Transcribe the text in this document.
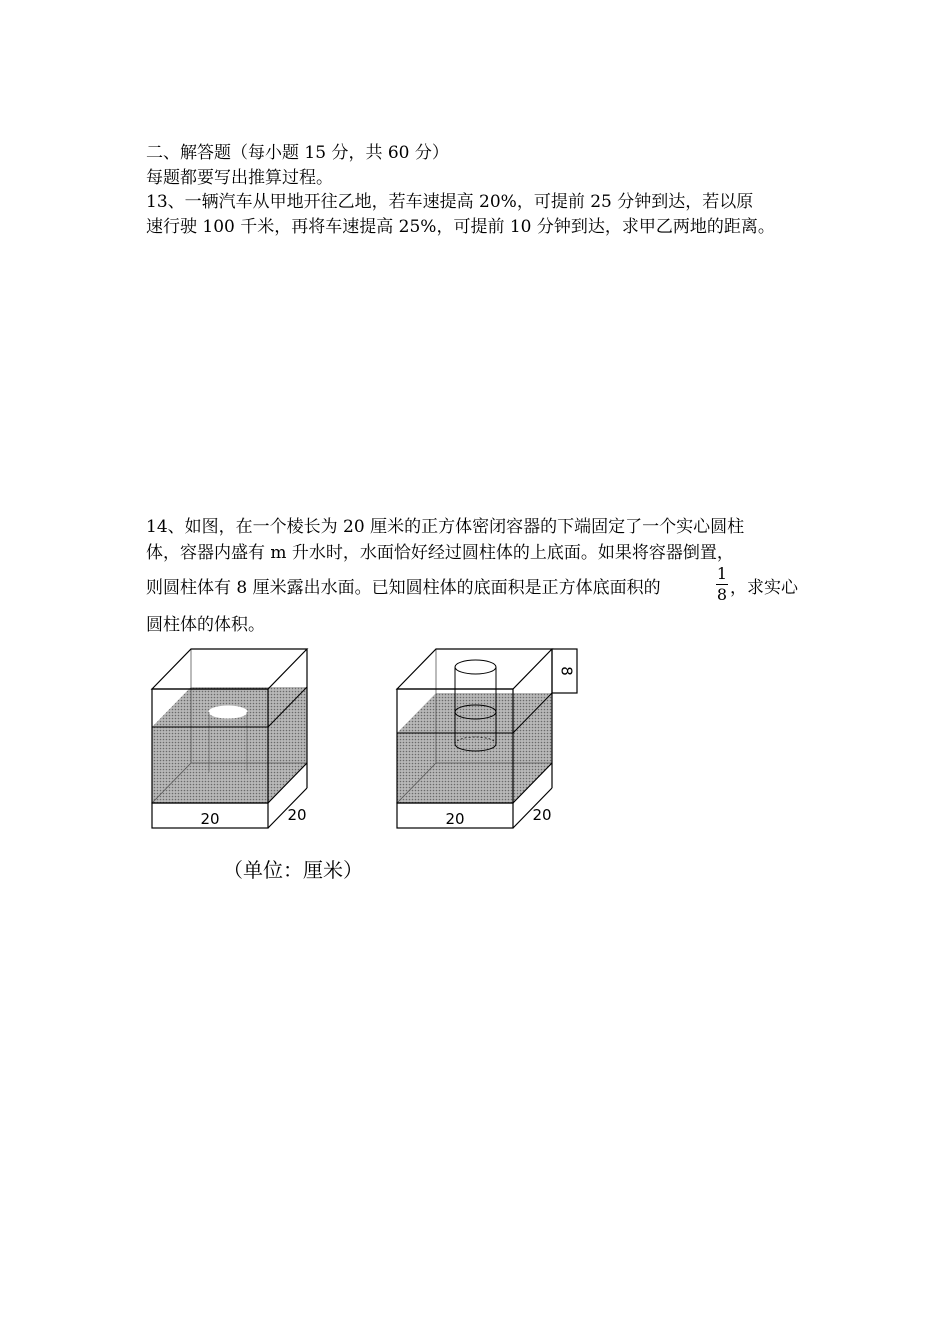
二、解答题（每小题 15 分，共 60 分）
每题都要写出推算过程。
13、一辆汽车从甲地开往乙地，若车速提高 20%，可提前 25 分钟到达，若以原
速行驶 100 千米，再将车速提高 25%，可提前 10 分钟到达，求甲乙两地的距离。
14、如图，在一个棱长为 20 厘米的正方体密闭容器的下端固定了一个实心圆柱
体，容器内盛有 m 升水时，水面恰好经过圆柱体的上底面。如果将容器倒置，
则圆柱体有 8 厘米露出水面。已知圆柱体的底面积是正方体底面积的
1
8 ，求实心
圆柱体的体积。
20	20
8
20	20
（单位：厘米）
